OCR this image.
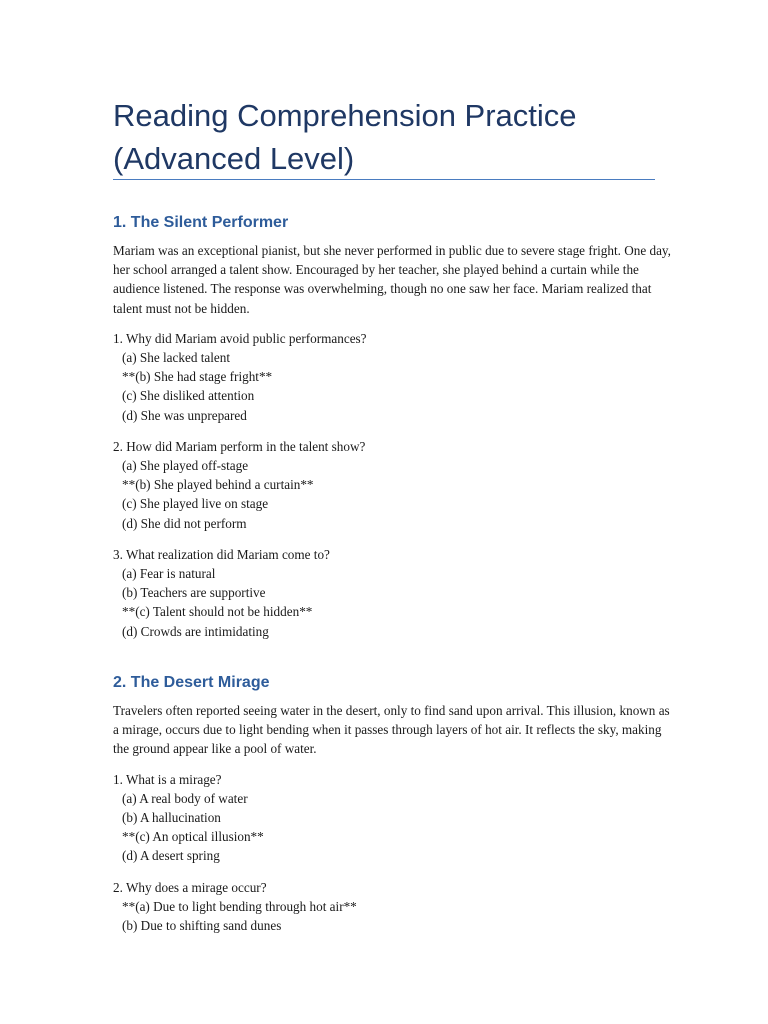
Reading Comprehension Practice (Advanced Level)
1. The Silent Performer

Mariam was an exceptional pianist, but she never performed in public due to severe stage fright. One day, her school arranged a talent show. Encouraged by her teacher, she played behind a curtain while the audience listened. The response was overwhelming, though no one saw her face. Mariam realized that talent must not be hidden.

1. Why did Mariam avoid public performances?
(a) She lacked talent
**(b) She had stage fright**
(c) She disliked attention
(d) She was unprepared
2. How did Mariam perform in the talent show?
(a) She played off-stage
**(b) She played behind a curtain**
(c) She played live on stage
(d) She did not perform
3. What realization did Mariam come to?
(a) Fear is natural
(b) Teachers are supportive
**(c) Talent should not be hidden**
(d) Crowds are intimidating
2. The Desert Mirage

Travelers often reported seeing water in the desert, only to find sand upon arrival. This illusion, known as a mirage, occurs due to light bending when it passes through layers of hot air. It reflects the sky, making the ground appear like a pool of water.

1. What is a mirage?
(a) A real body of water
(b) A hallucination
**(c) An optical illusion**
(d) A desert spring
2. Why does a mirage occur?
**(a) Due to light bending through hot air**
(b) Due to shifting sand dunes
